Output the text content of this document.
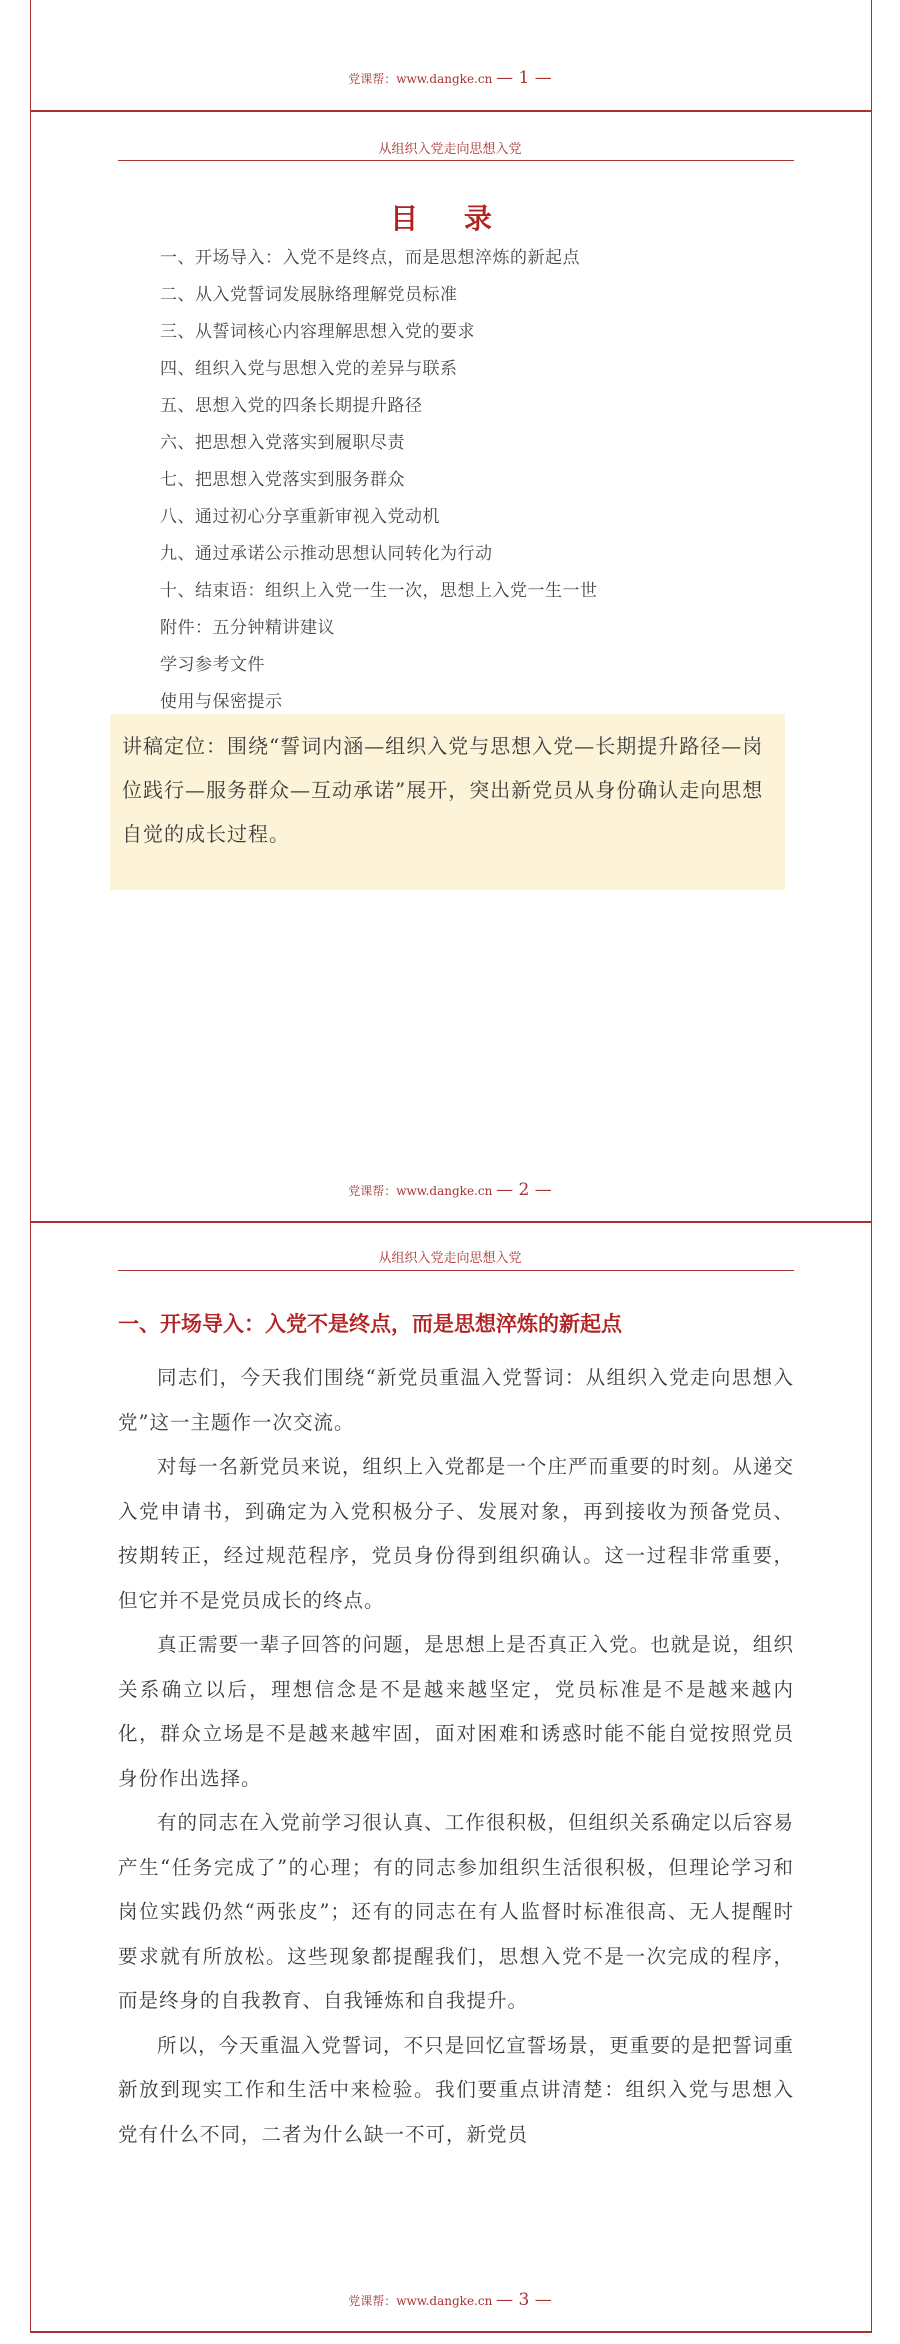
党课帮：www.dangke.cn — 1 —
从组织入党走向思想入党
目 录
一、开场导入：入党不是终点，而是思想淬炼的新起点
二、从入党誓词发展脉络理解党员标准
三、从誓词核心内容理解思想入党的要求
四、组织入党与思想入党的差异与联系
五、思想入党的四条长期提升路径
六、把思想入党落实到履职尽责
七、把思想入党落实到服务群众
八、通过初心分享重新审视入党动机
九、通过承诺公示推动思想认同转化为行动
十、结束语：组织上入党一生一次，思想上入党一生一世
附件：五分钟精讲建议
学习参考文件
使用与保密提示
讲稿定位：围绕“誓词内涵—组织入党与思想入党—长期提升路径—岗位践行—服务群众—互动承诺”展开，突出新党员从身份确认走向思想自觉的成长过程。
党课帮：www.dangke.cn — 2 —
从组织入党走向思想入党
一、开场导入：入党不是终点，而是思想淬炼的新起点

同志们，今天我们围绕“新党员重温入党誓词：从组织入党走向思想入党”这一主题作一次交流。

对每一名新党员来说，组织上入党都是一个庄严而重要的时刻。从递交入党申请书，到确定为入党积极分子、发展对象，再到接收为预备党员、按期转正，经过规范程序，党员身份得到组织确认。这一过程非常重要，但它并不是党员成长的终点。

真正需要一辈子回答的问题，是思想上是否真正入党。也就是说，组织关系确立以后，理想信念是不是越来越坚定，党员标准是不是越来越内化，群众立场是不是越来越牢固，面对困难和诱惑时能不能自觉按照党员身份作出选择。

有的同志在入党前学习很认真、工作很积极，但组织关系确定以后容易产生“任务完成了”的心理；有的同志参加组织生活很积极，但理论学习和岗位实践仍然“两张皮”；还有的同志在有人监督时标准很高、无人提醒时要求就有所放松。这些现象都提醒我们，思想入党不是一次完成的程序，而是终身的自我教育、自我锤炼和自我提升。

所以，今天重温入党誓词，不只是回忆宣誓场景，更重要的是把誓词重新放到现实工作和生活中来检验。我们要重点讲清楚：组织入党与思想入党有什么不同，二者为什么缺一不可，新党员

党课帮：www.dangke.cn — 3 —
